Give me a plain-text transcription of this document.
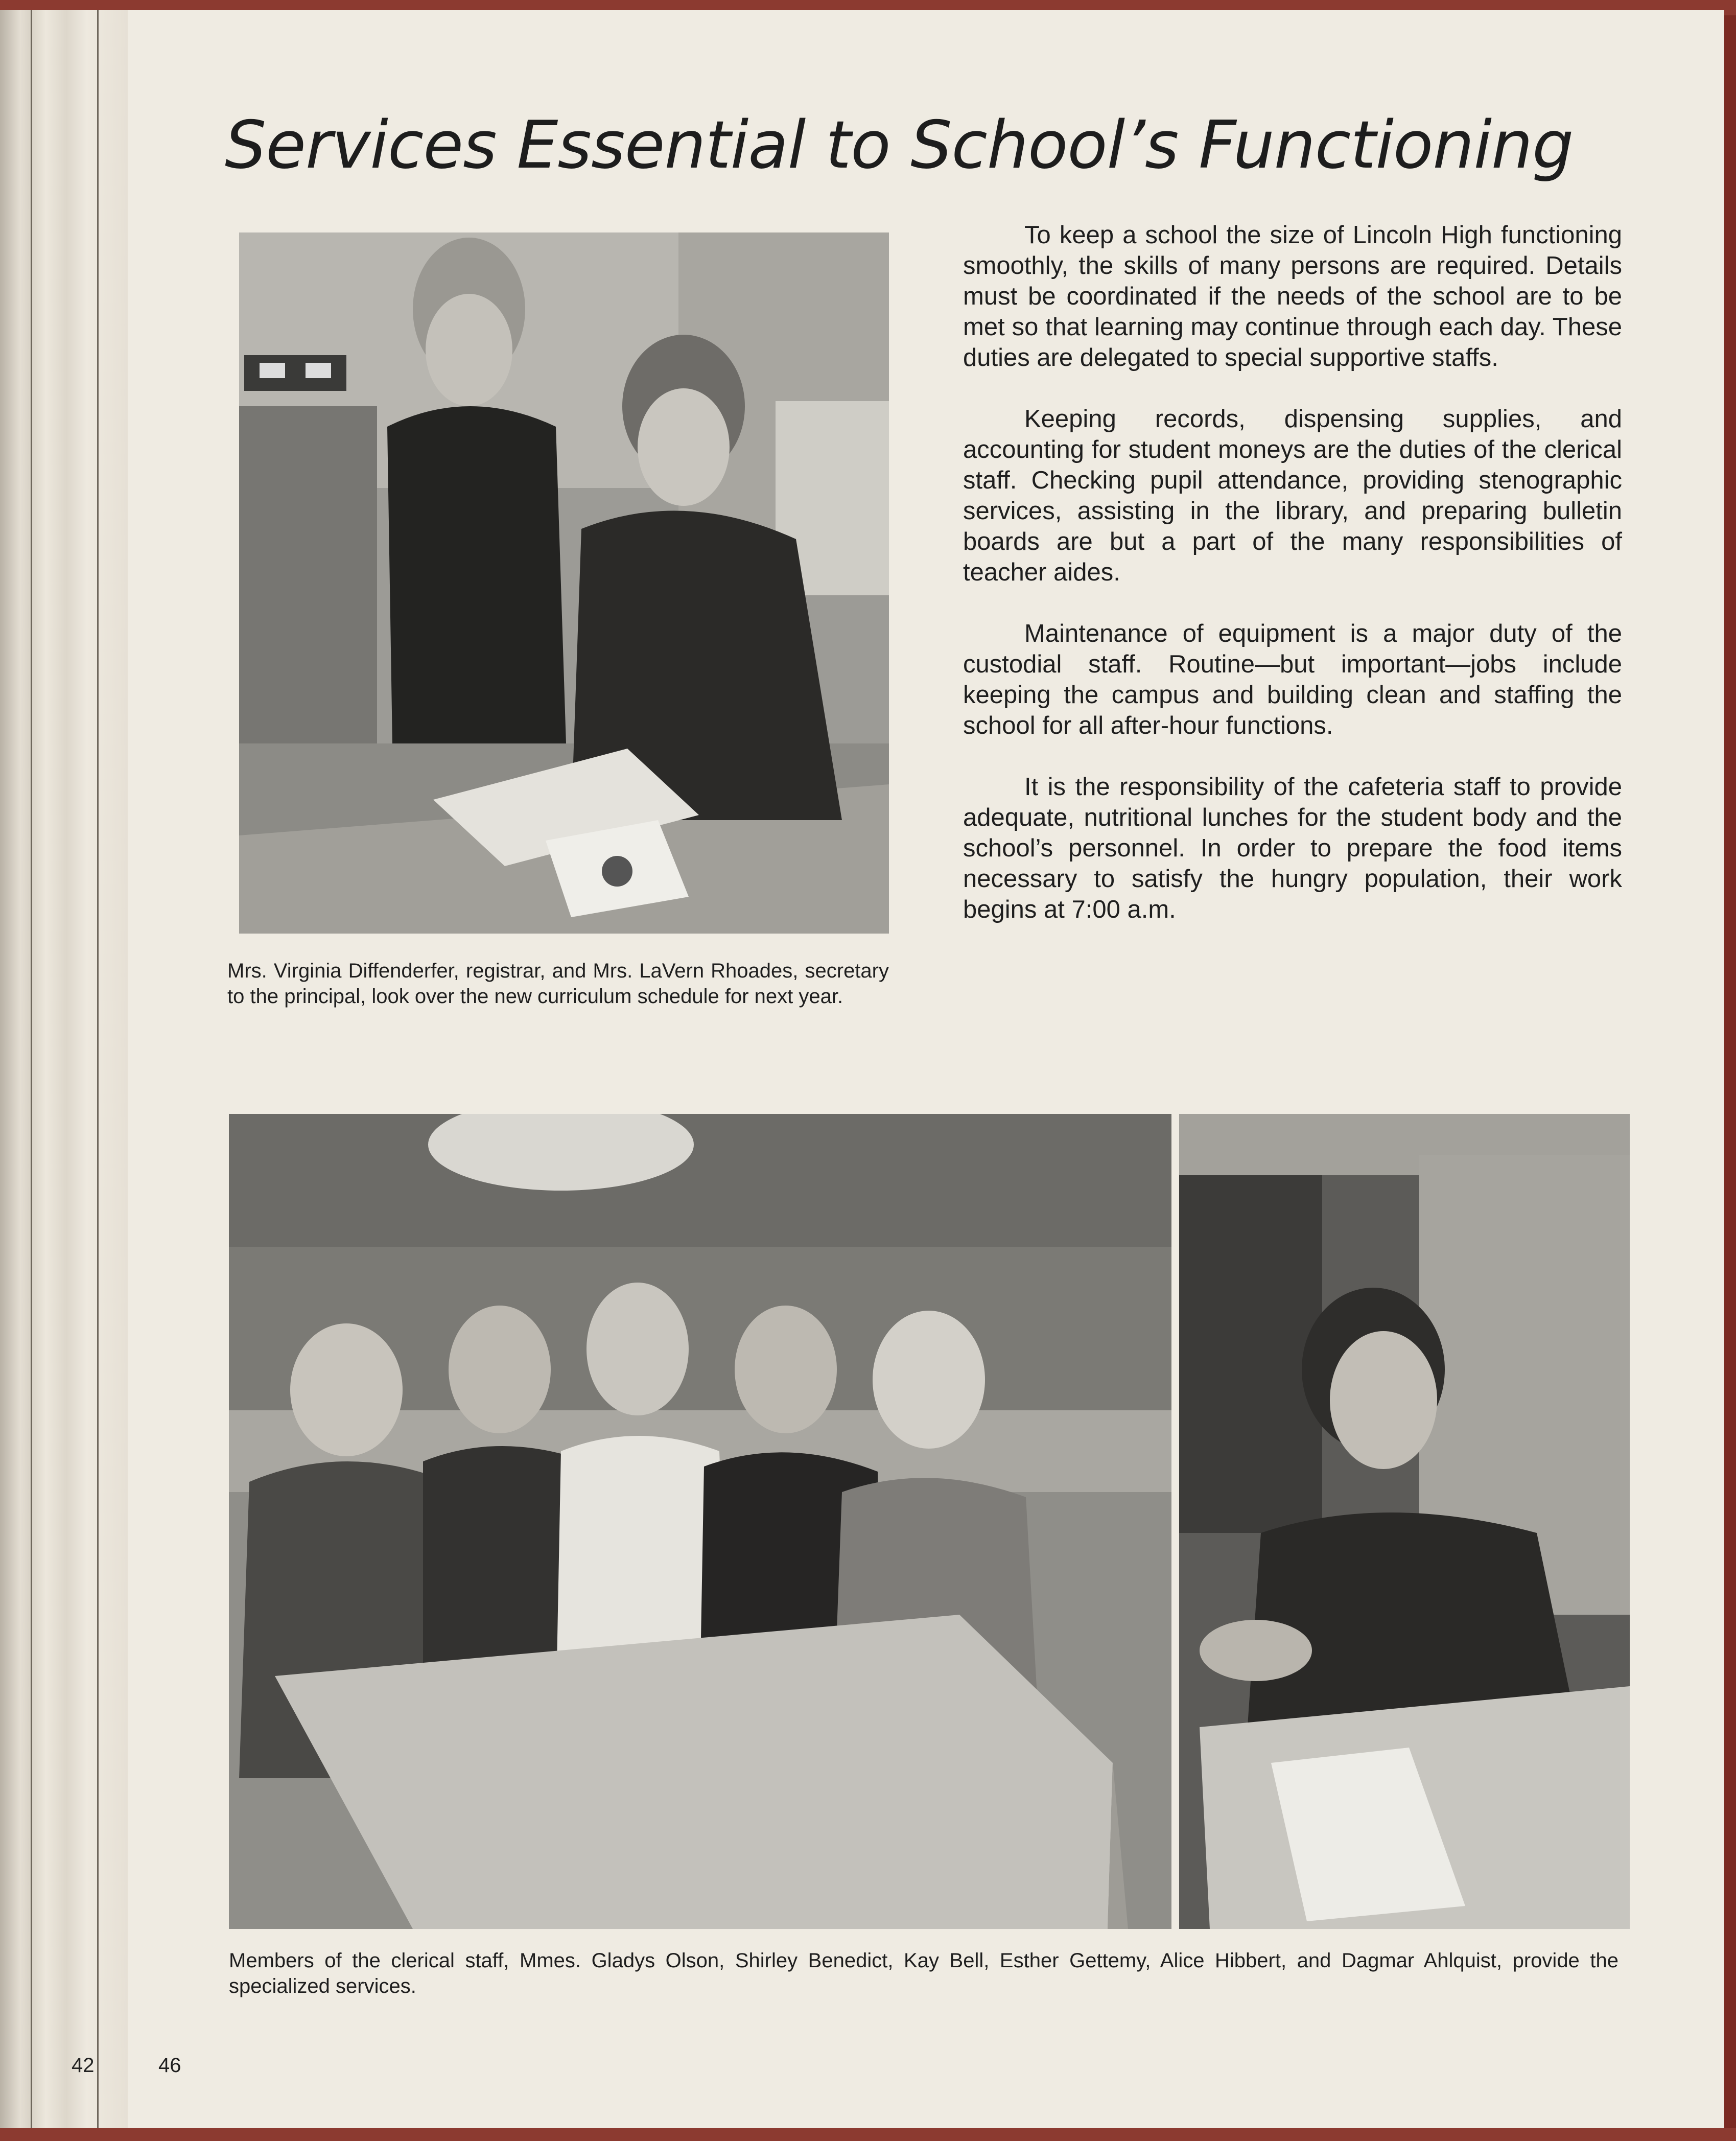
42
Services Essential to School’s Functioning

Mrs. Virginia Diffenderfer, registrar, and Mrs. LaVern Rhoades, secretary to the principal, look over the new curriculum schedule for next year.

To keep a school the size of Lincoln High functioning smoothly, the skills of many persons are required. Details must be coordinated if the needs of the school are to be met so that learning may continue through each day. These duties are delegated to special supportive staffs.

Keeping records, dispensing supplies, and accounting for student moneys are the duties of the clerical staff. Checking pupil attendance, providing stenographic services, assisting in the library, and preparing bulletin boards are but a part of the many responsibilities of teacher aides.

Maintenance of equipment is a major duty of the custodial staff. Routine—but important—jobs include keeping the campus and building clean and staffing the school for all after-hour functions.

It is the responsibility of the cafeteria staff to provide adequate, nutritional lunches for the student body and the school’s personnel. In order to prepare the food items necessary to satisfy the hungry population, their work begins at 7:00 a.m.

Members of the clerical staff, Mmes. Gladys Olson, Shirley Benedict, Kay Bell, Esther Gettemy, Alice Hibbert, and Dagmar Ahlquist, provide the specialized services.

46
